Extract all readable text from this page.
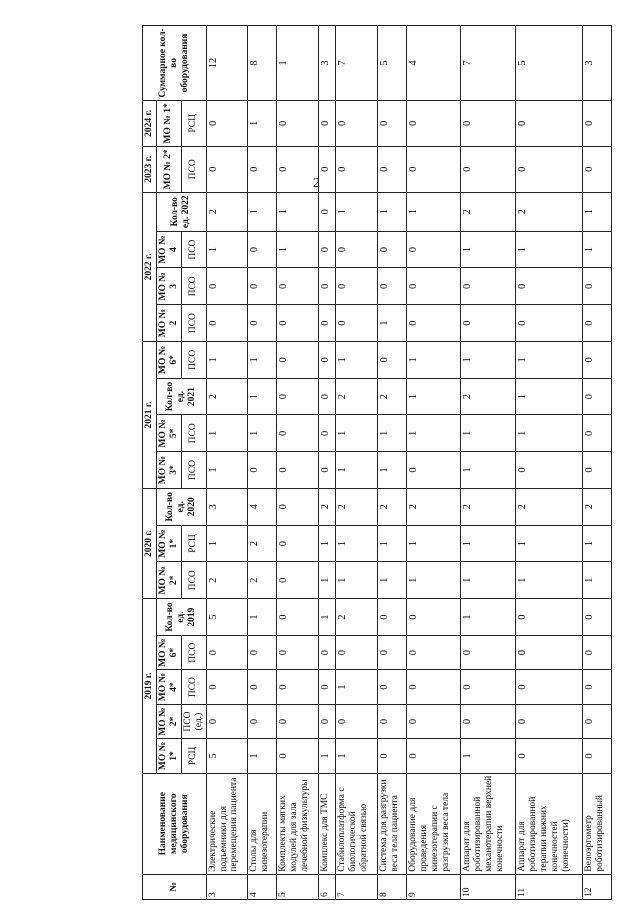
2
№	Наименование медицинского оборудования	2019 г.					2020 г.			2021 г.				2022 г.				2023 г.	2024 г.	Суммарное кол-во оборудования
		МО № 1*	МО № 2*	МО № 4*	МО № 6*	Кол-во ед. 2019	МО № 2*	МО № 1*	Кол-во ед. 2020	МО № 3*	МО № 5*	Кол-во ед. 2021	МО № 6*	МО № 2	МО № 3	МО № 4	Кол-во ед. 2022	МО № 2*	МО № 1*	
		РСЦ	ПСО (ед.)	ПСО	ПСО		ПСО	РСЦ		ПСО	ПСО		ПСО	ПСО	ПСО	ПСО		ПСО	РСЦ	
3	Электрические подъемники для перемещения пациента	5	0	0	0	5	2	1	3	1	1	2	1	0	0	1	2	0	0	12
4	Столы для кинезотерапии	1	0	0	0	1	2	2	4	0	1	1	1	0	0	0	1	0	1	8
5	Комплекты мягких модулей для зала лечебной физкультуры	0	0	0	0	0	0	0	0	0	0	0	0	0	0	1	1	0	0	1
6	Комплекс для ТМС	1	0	0	0	1	1	1	2	0	0	0	0	0	0	0	0	0	0	3
7	Стабилоплатформа с биологической обратной связью	1	0	1	0	2	1	1	2	1	1	2	1	0	0	0	1	0	0	7
8	Система для разгрузки веса тела пациента	0	0	0	0	0	1	1	2	1	1	2	0	1	0	0	1	0	0	5
9	Оборудование для проведения кинезотерапии с разгрузки веса тела	0	0	0	0	0	1	1	2	0	1	1	1	0	0	0	1	0	0	4
10	Аппарат для роботизированной механотерапии верхней конечности	1	0	0	0	1	1	1	2	1	1	2	1	0	0	1	2	0	0	7
11	Аппарат для роботизированной терапии нижних конечностей (конечности)	0	0	0	0	0	1	1	2	0	1	1	1	0	0	1	2	0	0	5
12	Велоэргометр роботизированный	0	0	0	0	0	1	1	2	0	0	0	0	0	0	1	1	0	0	3
